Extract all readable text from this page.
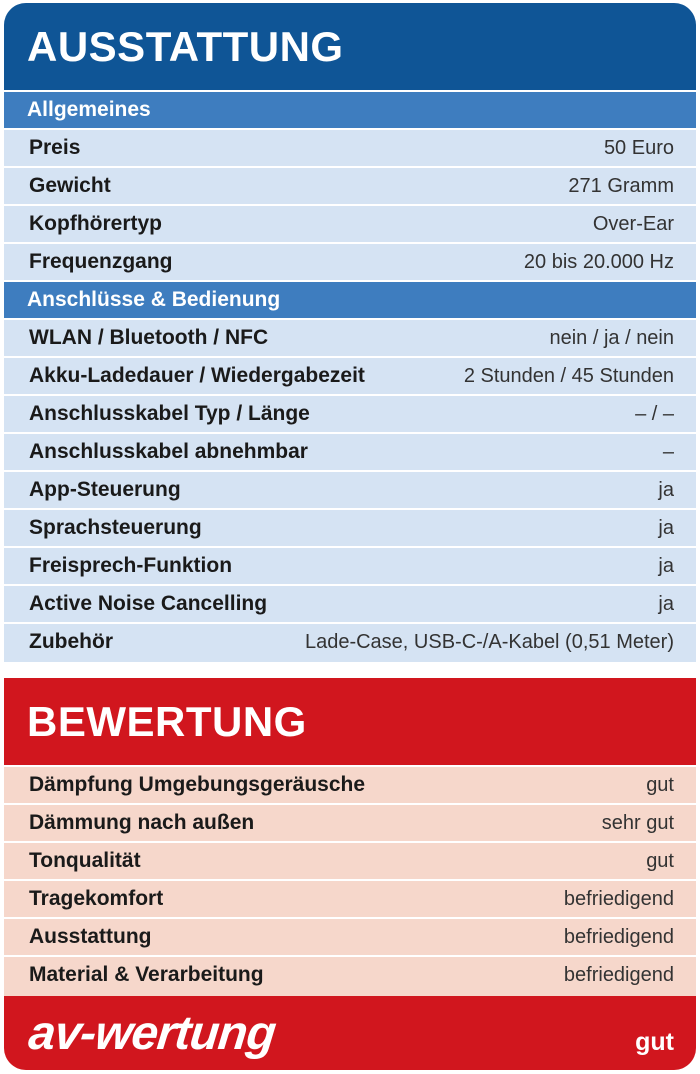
AUSSTATTUNG
Allgemeines
Preis	50 Euro
Gewicht	271 Gramm
Kopfhörertyp	Over-Ear
Frequenzgang	20 bis 20.000 Hz
Anschlüsse & Bedienung
WLAN / Bluetooth / NFC	nein / ja / nein
Akku-Ladedauer / Wiedergabezeit	2 Stunden / 45 Stunden
Anschlusskabel Typ / Länge	– / –
Anschlusskabel abnehmbar	–
App-Steuerung	ja
Sprachsteuerung	ja
Freisprech-Funktion	ja
Active Noise Cancelling	ja
Zubehör	Lade-Case, USB-C-/A-Kabel (0,51 Meter)
BEWERTUNG
Dämpfung Umgebungsgeräusche	gut
Dämmung nach außen	sehr gut
Tonqualität	gut
Tragekomfort	befriedigend
Ausstattung	befriedigend
Material & Verarbeitung	befriedigend
av-wertung	gut
